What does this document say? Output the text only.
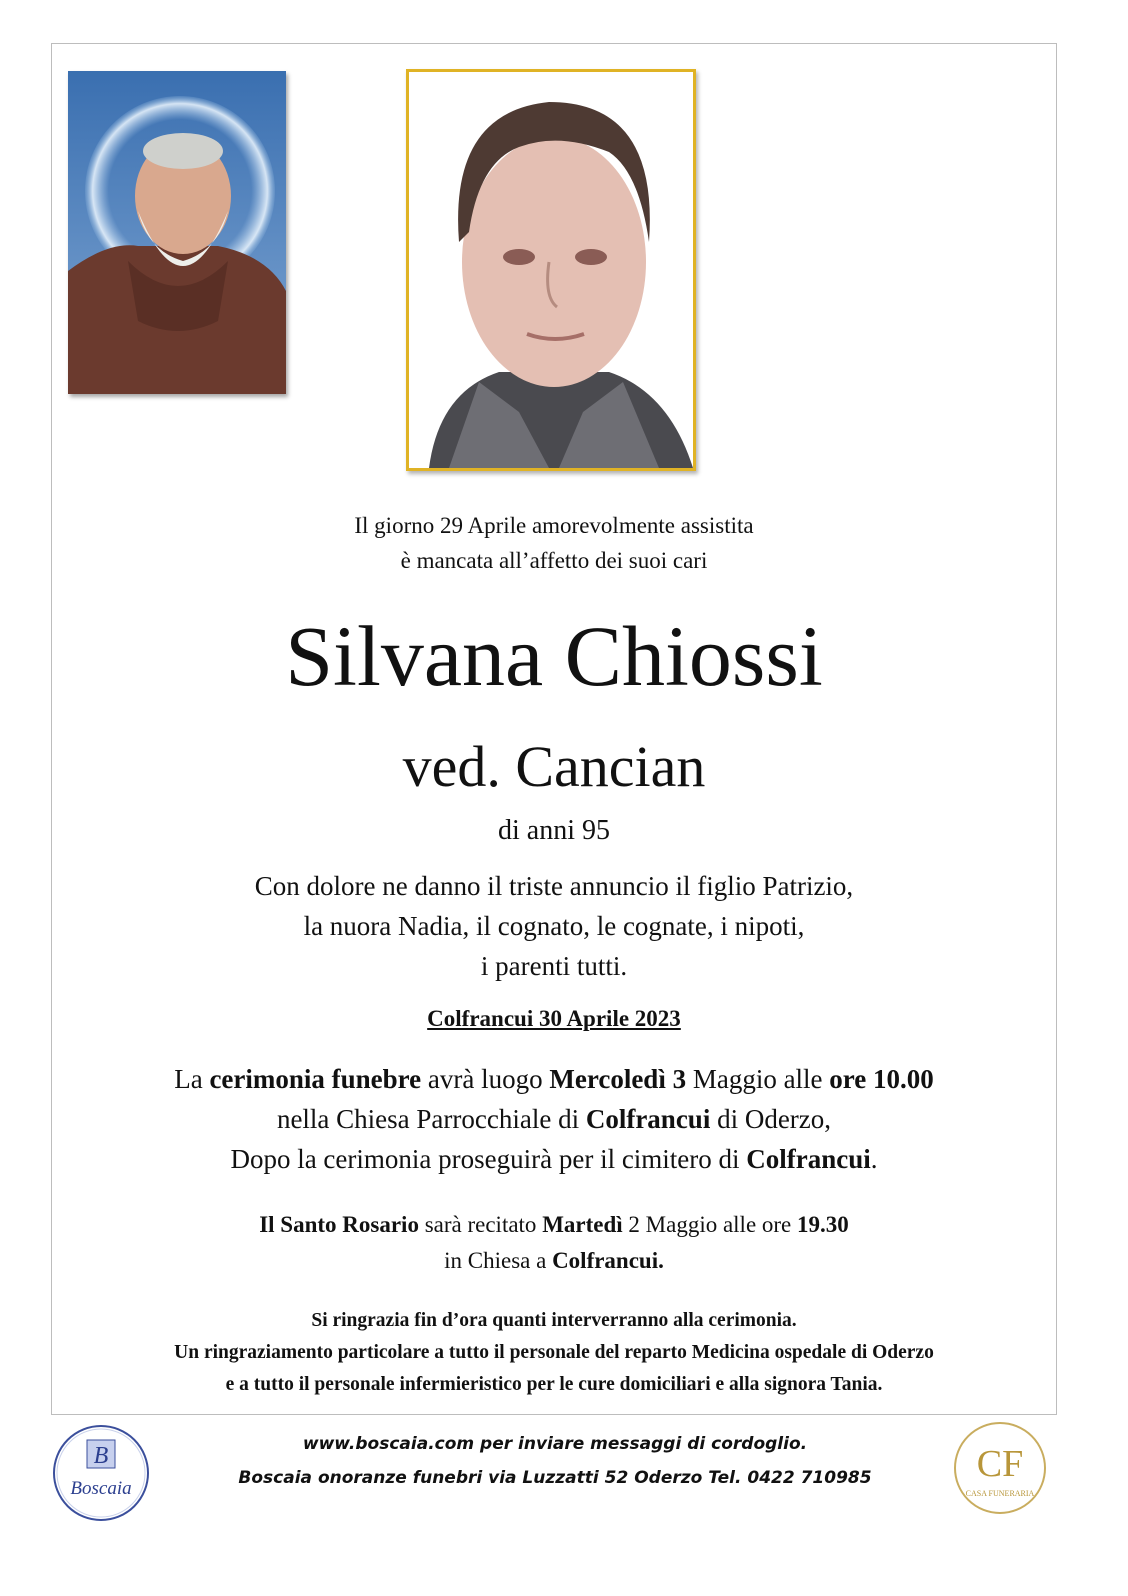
Il giorno 29 Aprile amorevolmente assistita
è mancata all’affetto dei suoi cari
Silvana Chiossi
ved. Cancian
di anni 95
Con dolore ne danno il triste annuncio il figlio Patrizio,
la nuora Nadia, il cognato, le cognate, i nipoti,
i parenti tutti.
Colfrancui 30 Aprile 2023
La cerimonia funebre avrà luogo Mercoledì 3 Maggio alle ore 10.00
nella Chiesa Parrocchiale di Colfrancui di Oderzo,
Dopo la cerimonia proseguirà per il cimitero di Colfrancui.
Il Santo Rosario sarà recitato Martedì 2 Maggio alle ore 19.30
in Chiesa a Colfrancui.
Si ringrazia fin d’ora quanti interverranno alla cerimonia.
Un ringraziamento particolare a tutto il personale del reparto Medicina ospedale di Oderzo
e a tutto il personale infermieristico per le cure domiciliari e alla signora Tania.
B
Boscaia
www.boscaia.com per inviare messaggi di cordoglio.
Boscaia onoranze funebri via Luzzatti 52 Oderzo Tel. 0422 710985	CF
CASA FUNERARIA
